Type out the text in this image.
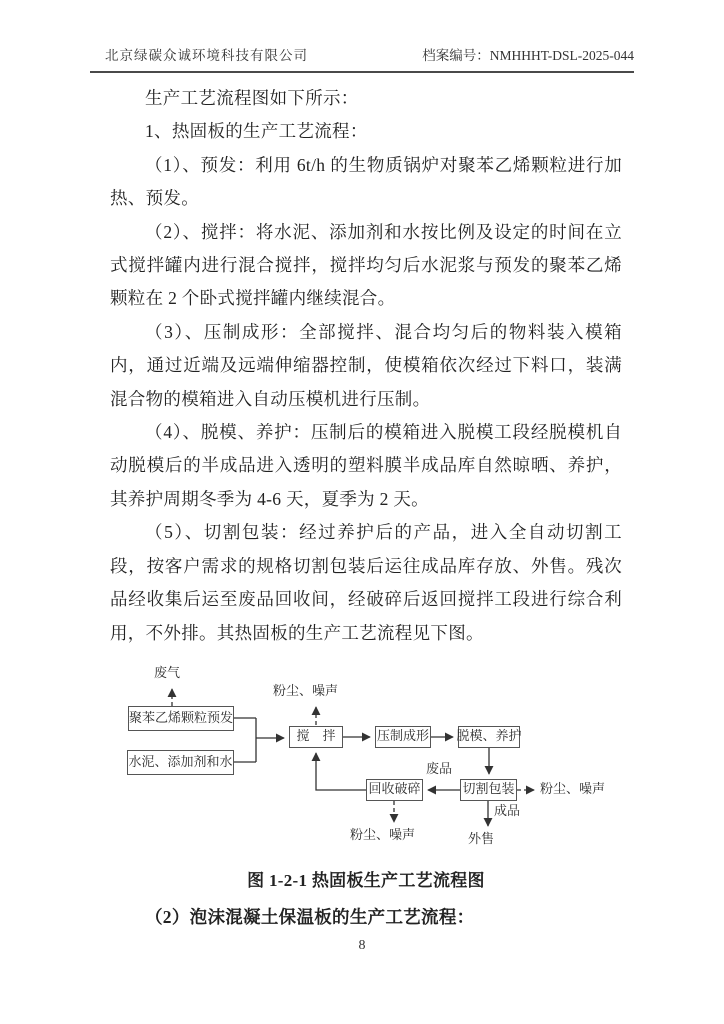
北京绿碳众诚环境科技有限公司	档案编号：NMHHHT-DSL-2025-044

生产工艺流程图如下所示：

1、热固板的生产工艺流程：

（1）、预发：利用 6t/h 的生物质锅炉对聚苯乙烯颗粒进行加热、预发。

（2）、搅拌：将水泥、添加剂和水按比例及设定的时间在立式搅拌罐内进行混合搅拌，搅拌均匀后水泥浆与预发的聚苯乙烯颗粒在 2 个卧式搅拌罐内继续混合。

（3）、压制成形：全部搅拌、混合均匀后的物料装入模箱内，通过近端及远端伸缩器控制，使模箱依次经过下料口，装满混合物的模箱进入自动压模机进行压制。

（4）、脱模、养护：压制后的模箱进入脱模工段经脱模机自动脱模后的半成品进入透明的塑料膜半成品库自然晾晒、养护，其养护周期冬季为 4-6 天，夏季为 2 天。

（5）、切割包装：经过养护后的产品，进入全自动切割工段，按客户需求的规格切割包装后运往成品库存放、外售。残次品经收集后运至废品回收间，经破碎后返回搅拌工段进行综合利用，不外排。其热固板的生产工艺流程见下图。

聚苯乙烯颗粒预发
水泥、添加剂和水
搅　拌	压制成形 脱模、养护
切割包装
回收破碎
废气
粉尘、噪声
废品
粉尘、噪声
粉尘、噪声
成品
外售
图 1-2-1 热固板生产工艺流程图

（2）泡沫混凝土保温板的生产工艺流程：

8
